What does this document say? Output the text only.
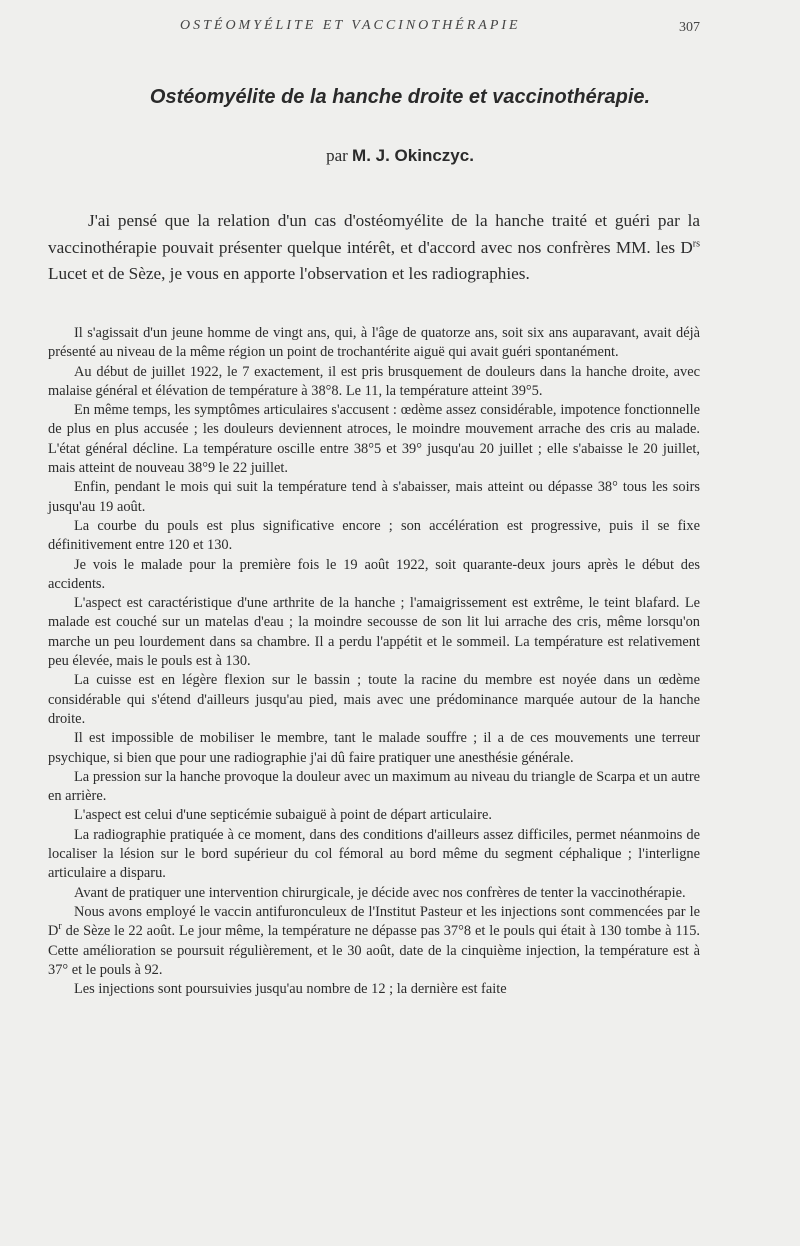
OSTÉOMYÉLITE ET VACCINOTHÉRAPIE	307
Ostéomyélite de la hanche droite et vaccinothérapie.
par M. J. Okinczyc.

J'ai pensé que la relation d'un cas d'ostéomyélite de la hanche traité et guéri par la vaccinothérapie pouvait présenter quelque intérêt, et d'accord avec nos confrères MM. les $D^{rs}$ Lucet et de Sèze, je vous en apporte l'observation et les radiographies.

Il s'agissait d'un jeune homme de vingt ans, qui, à l'âge de quatorze ans, soit six ans auparavant, avait déjà présenté au niveau de la même région un point de trochantérite aiguë qui avait guéri spontanément.

Au début de juillet 1922, le 7 exactement, il est pris brusquement de douleurs dans la hanche droite, avec malaise général et élévation de température à 38°8. Le 11, la température atteint 39°5.

En même temps, les symptômes articulaires s'accusent : œdème assez considérable, impotence fonctionnelle de plus en plus accusée ; les douleurs deviennent atroces, le moindre mouvement arrache des cris au malade. L'état général décline. La température oscille entre 38°5 et 39° jusqu'au 20 juillet ; elle s'abaisse le 20 juillet, mais atteint de nouveau 38°9 le 22 juillet.

Enfin, pendant le mois qui suit la température tend à s'abaisser, mais atteint ou dépasse 38° tous les soirs jusqu'au 19 août.

La courbe du pouls est plus significative encore ; son accélération est progressive, puis il se fixe définitivement entre 120 et 130.

Je vois le malade pour la première fois le 19 août 1922, soit quarante-deux jours après le début des accidents.

L'aspect est caractéristique d'une arthrite de la hanche ; l'amaigrissement est extrême, le teint blafard. Le malade est couché sur un matelas d'eau ; la moindre secousse de son lit lui arrache des cris, même lorsqu'on marche un peu lourdement dans sa chambre. Il a perdu l'appétit et le sommeil. La température est relativement peu élevée, mais le pouls est à 130.

La cuisse est en légère flexion sur le bassin ; toute la racine du membre est noyée dans un œdème considérable qui s'étend d'ailleurs jusqu'au pied, mais avec une prédominance marquée autour de la hanche droite.

Il est impossible de mobiliser le membre, tant le malade souffre ; il a de ces mouvements une terreur psychique, si bien que pour une radiographie j'ai dû faire pratiquer une anesthésie générale.

La pression sur la hanche provoque la douleur avec un maximum au niveau du triangle de Scarpa et un autre en arrière.

L'aspect est celui d'une septicémie subaiguë à point de départ articulaire.

La radiographie pratiquée à ce moment, dans des conditions d'ailleurs assez difficiles, permet néanmoins de localiser la lésion sur le bord supérieur du col fémoral au bord même du segment céphalique ; l'interligne articulaire a disparu.

Avant de pratiquer une intervention chirurgicale, je décide avec nos confrères de tenter la vaccinothérapie.

Nous avons employé le vaccin antifuronculeux de l'Institut Pasteur et les injections sont commencées par le $D^r$ de Sèze le 22 août. Le jour même, la température ne dépasse pas 37°8 et le pouls qui était à 130 tombe à 115. Cette amélioration se poursuit régulièrement, et le 30 août, date de la cinquième injection, la température est à 37° et le pouls à 92.

Les injections sont poursuivies jusqu'au nombre de 12 ; la dernière est faite
